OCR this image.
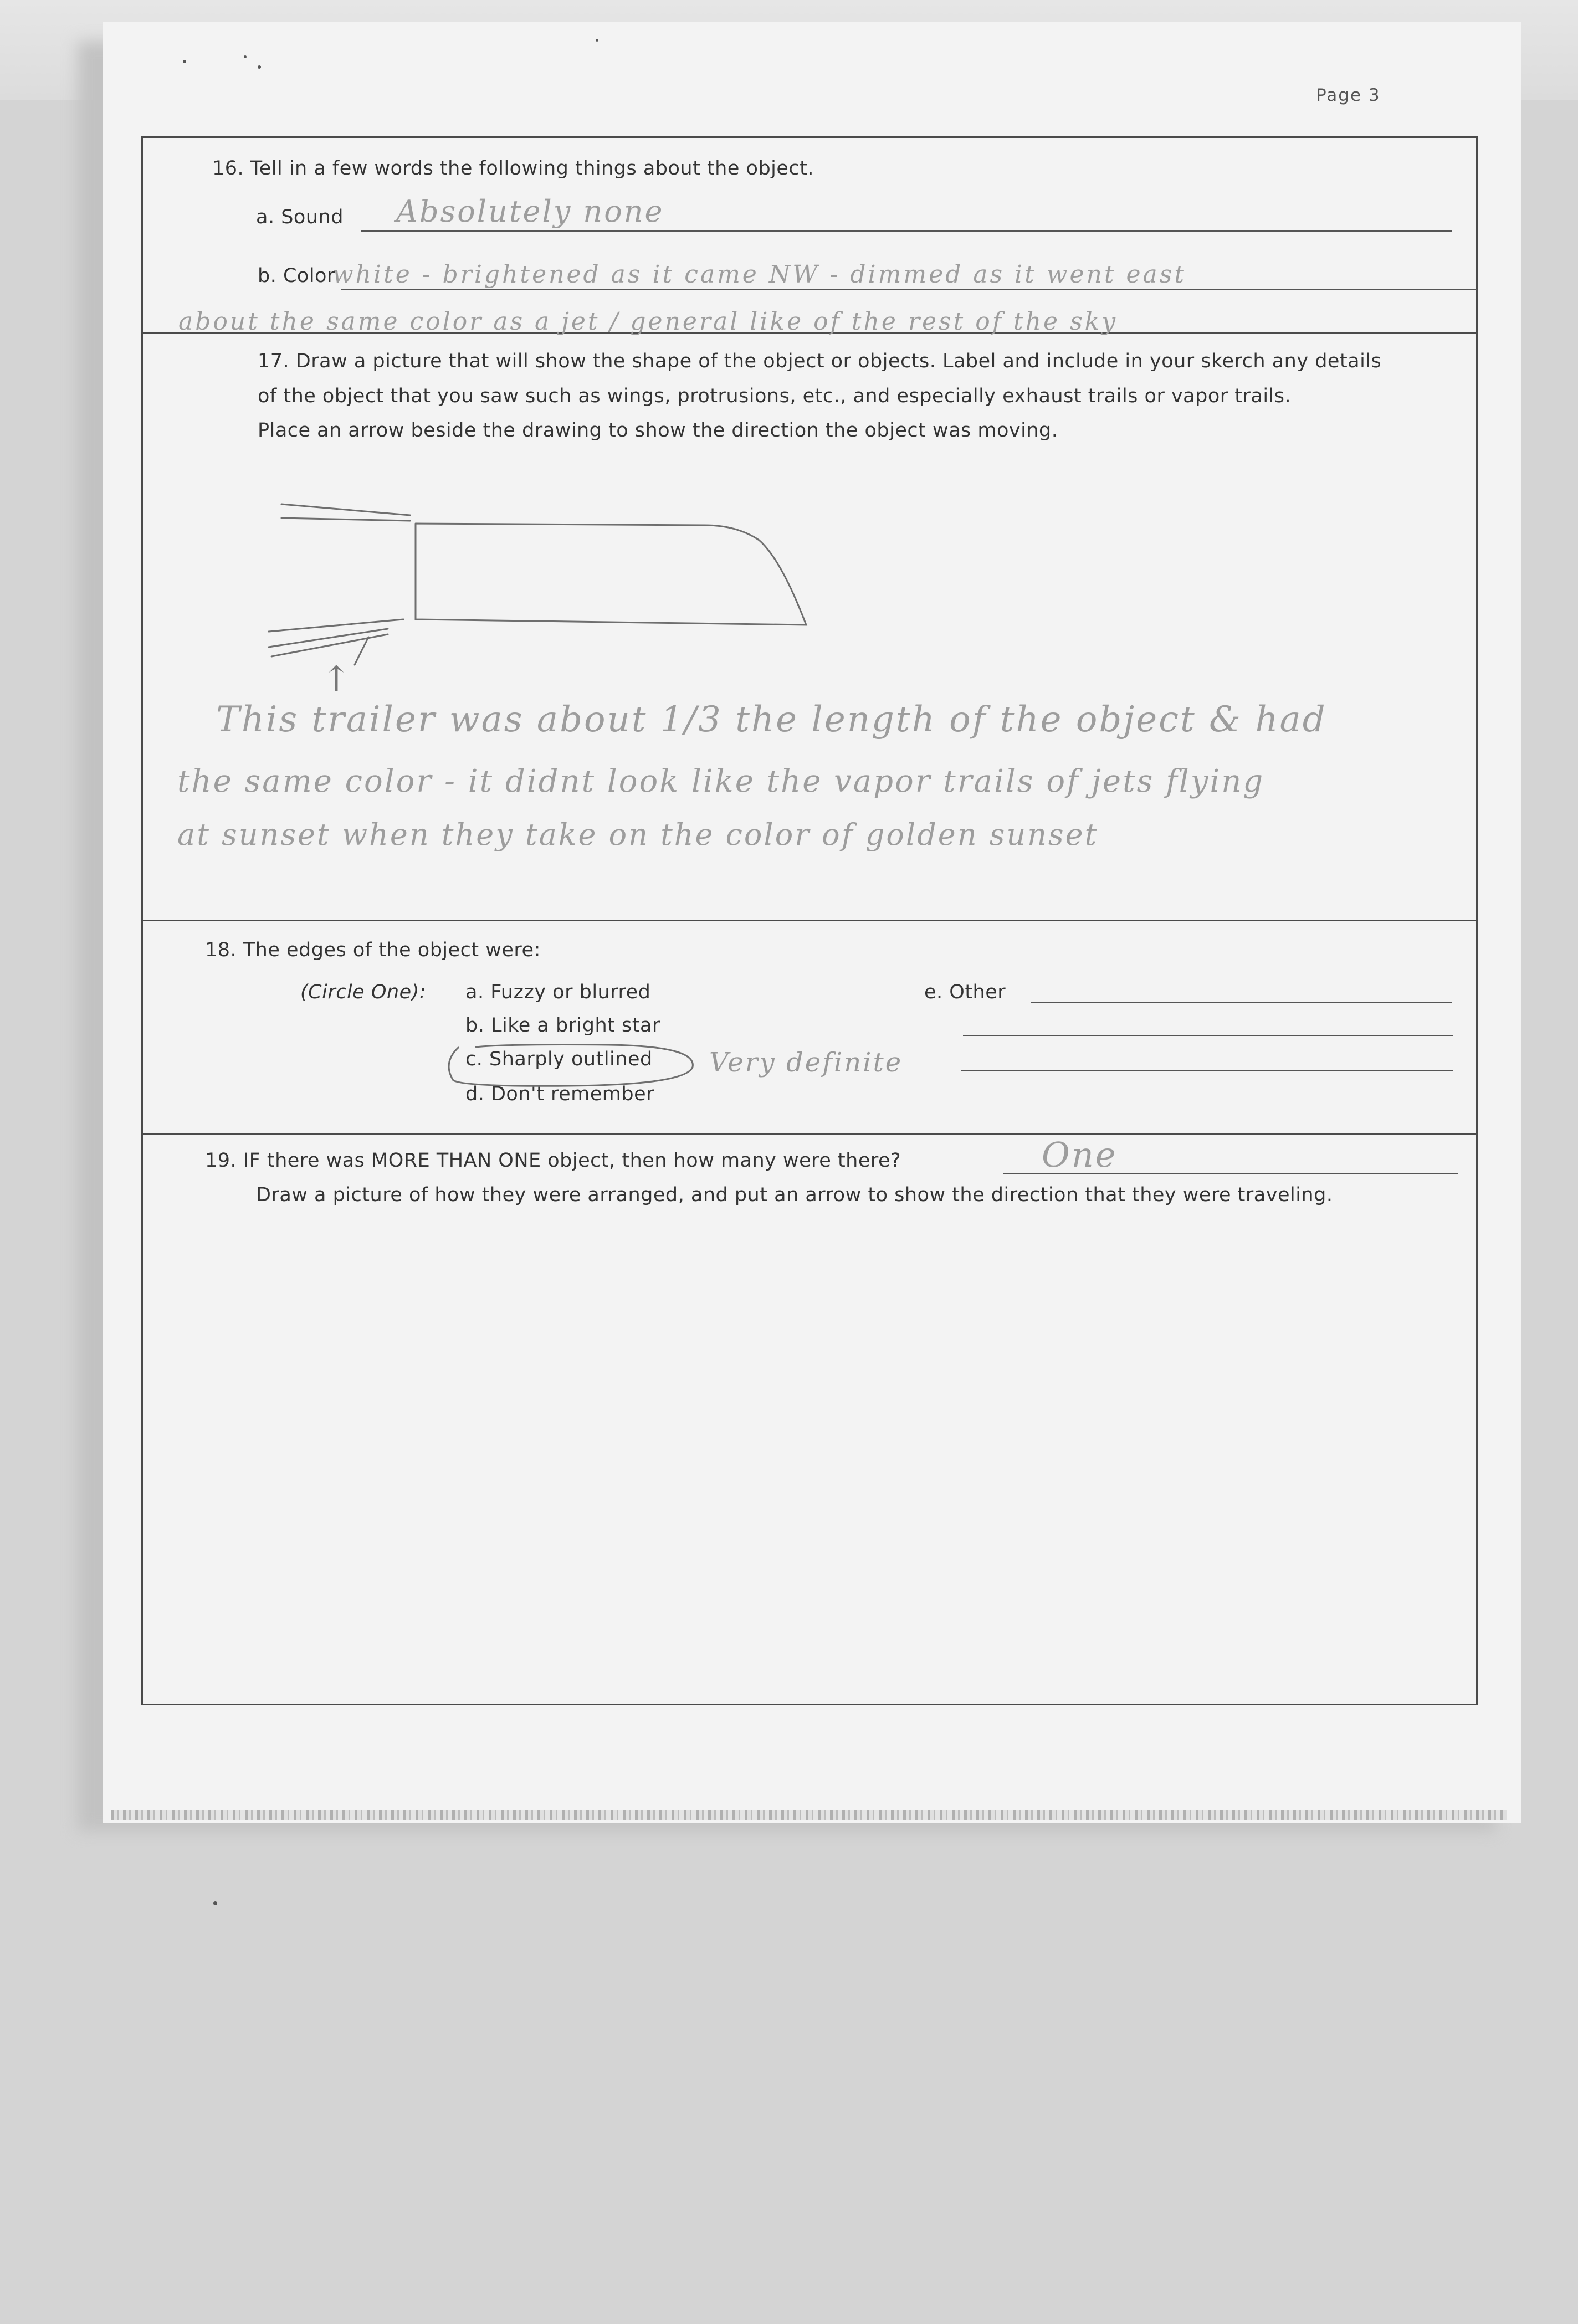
Page 3
16. Tell in a few words the following things about the object.
a. Sound Absolutely none
b. Color
white - brightened as it came NW - dimmed as it went east
about the same color as a jet / general like of the rest of the sky
17. Draw a picture that will show the shape of the object or objects. Label and include in your skerch any details
of the object that you saw such as wings, protrusions, etc., and especially exhaust trails or vapor trails.
Place an arrow beside the drawing to show the direction the object was moving.
↑
This trailer was about 1/3 the length of the object & had
the same color - it didnt look like the vapor trails of jets flying
at sunset when they take on the color of golden sunset
18. The edges of the object were:
(Circle One): a. Fuzzy or blurred
b. Like a bright star
c. Sharply outlined
d. Don't remember
Very definite
e. Other
19. IF there was MORE THAN ONE object, then how many were there?	One
Draw a picture of how they were arranged, and put an arrow to show the direction that they were traveling.
